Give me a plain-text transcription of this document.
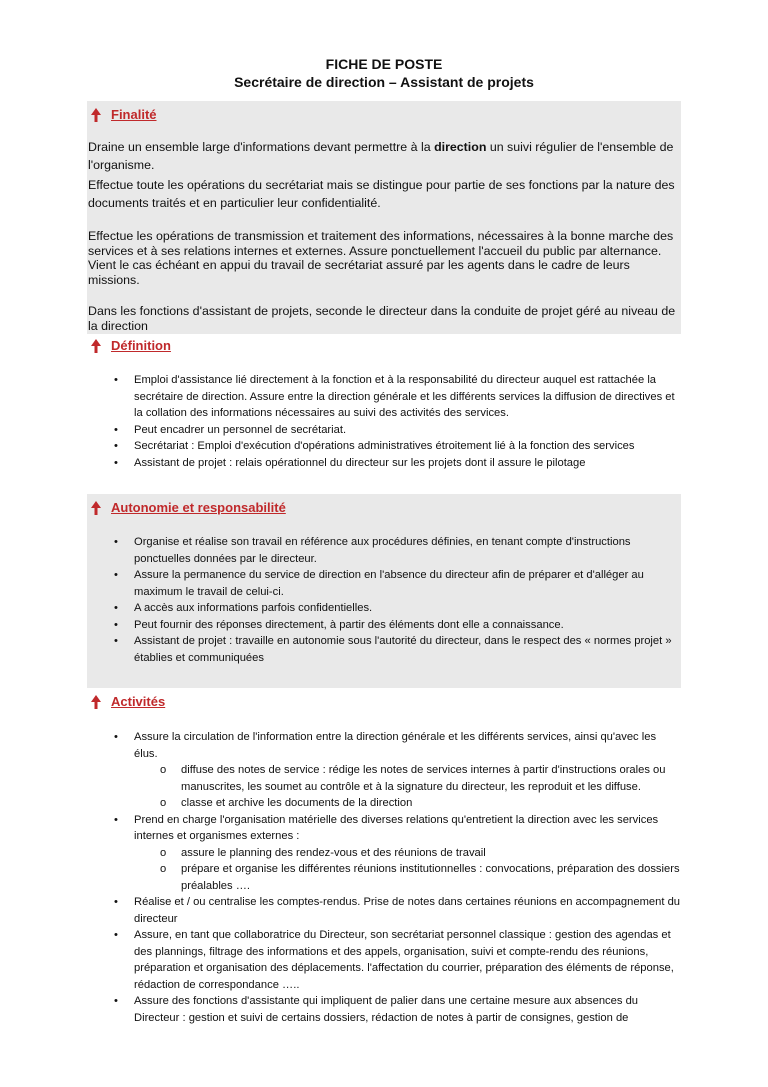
FICHE DE POSTE
Secrétaire de direction – Assistant de projets
Finalité
Draine un ensemble large d'informations devant permettre à la direction un suivi régulier de l'ensemble de l'organisme.
Effectue toute les opérations du secrétariat mais se distingue pour partie de ses fonctions par la nature des documents traités et en particulier leur confidentialité.
Effectue les opérations de transmission et traitement des informations, nécessaires à la bonne marche des services et à ses relations internes et externes. Assure ponctuellement l'accueil du public par alternance. Vient le cas échéant en appui du travail de secrétariat assuré par les agents dans le cadre de leurs missions.
Dans les fonctions d'assistant de projets, seconde le directeur dans la conduite de projet géré au niveau de la direction
Définition
• Emploi d'assistance lié directement à la fonction et à la responsabilité du directeur auquel est rattachée la secrétaire de direction. Assure entre la direction générale et les différents services la diffusion de directives et la collation des informations nécessaires au suivi des activités des services.
• Peut encadrer un personnel de secrétariat.
• Secrétariat : Emploi d'exécution d'opérations administratives étroitement lié à la fonction des services
• Assistant de projet : relais opérationnel du directeur sur les projets dont il assure le pilotage
Autonomie et responsabilité
• Organise et réalise son travail en référence aux procédures définies, en tenant compte d'instructions ponctuelles données par le directeur.
• Assure la permanence du service de direction en l'absence du directeur afin de préparer et d'alléger au maximum le travail de celui-ci.
• A accès aux informations parfois confidentielles.
• Peut fournir des réponses directement, à partir des éléments dont elle a connaissance.
• Assistant de projet : travaille en autonomie sous l'autorité du directeur, dans le respect des « normes projet » établies et communiquées
Activités
• Assure la circulation de l'information entre la direction générale et les différents services, ainsi qu'avec les élus.
o diffuse des notes de service : rédige les notes de services internes à partir d'instructions orales ou manuscrites, les soumet au contrôle et à la signature du directeur, les reproduit et les diffuse.
o classe et archive les documents de la direction
• Prend en charge l'organisation matérielle des diverses relations qu'entretient la direction avec les services internes et organismes externes :
o assure le planning des rendez-vous et des réunions de travail
o prépare et organise les différentes réunions institutionnelles : convocations, préparation des dossiers préalables ….
• Réalise et / ou centralise les comptes-rendus. Prise de notes dans certaines réunions en accompagnement du directeur
• Assure, en tant que collaboratrice du Directeur, son secrétariat personnel classique : gestion des agendas et des plannings, filtrage des informations et des appels, organisation, suivi et compte-rendu des réunions, préparation et organisation des déplacements. l'affectation du courrier, préparation des éléments de réponse, rédaction de correspondance …..
• Assure des fonctions d'assistante qui impliquent de palier dans une certaine mesure aux absences du Directeur : gestion et suivi de certains dossiers, rédaction de notes à partir de consignes, gestion de
